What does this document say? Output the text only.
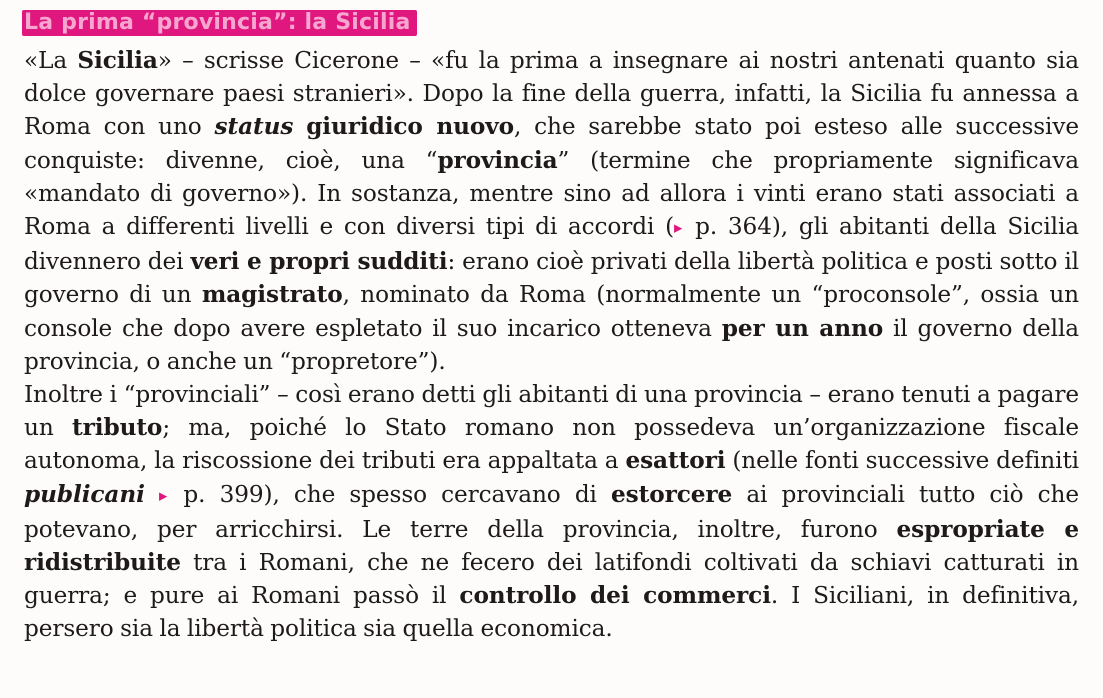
La prima “provincia”: la Sicilia

«La Sicilia» – scrisse Cicerone – «fu la prima a insegnare ai nostri antenati quanto sia dolce governare paesi stranieri». Dopo la fine della guerra, infatti, la Sicilia fu annessa a Roma con uno status giuridico nuovo, che sarebbe stato poi esteso alle successive conquiste: divenne, cioè, una “provincia” (termine che propriamente significava «mandato di governo»). In sostanza, mentre sino ad allora i vinti erano stati associati a Roma a differenti livelli e con diversi tipi di accordi (▸ p. 364), gli abitanti della Sicilia divennero dei veri e propri sudditi: erano cioè privati della libertà politica e posti sotto il governo di un magistrato, nominato da Roma (normalmente un “proconsole”, ossia un console che dopo avere espletato il suo incarico otteneva per un anno il governo della provincia, o anche un “propretore”).

Inoltre i “provinciali” – così erano detti gli abitanti di una provincia – erano tenuti a pagare un tributo; ma, poiché lo Stato romano non possedeva un’organizzazione fiscale autonoma, la riscossione dei tributi era appaltata a esattori (nelle fonti successive definiti publicani ▸ p. 399), che spesso cercavano di estorcere ai provinciali tutto ciò che potevano, per arricchirsi. Le terre della provincia, inoltre, furono espropriate e ridistribuite tra i Romani, che ne fecero dei latifondi coltivati da schiavi catturati in guerra; e pure ai Romani passò il controllo dei commerci. I Siciliani, in definitiva, persero sia la libertà politica sia quella economica.
